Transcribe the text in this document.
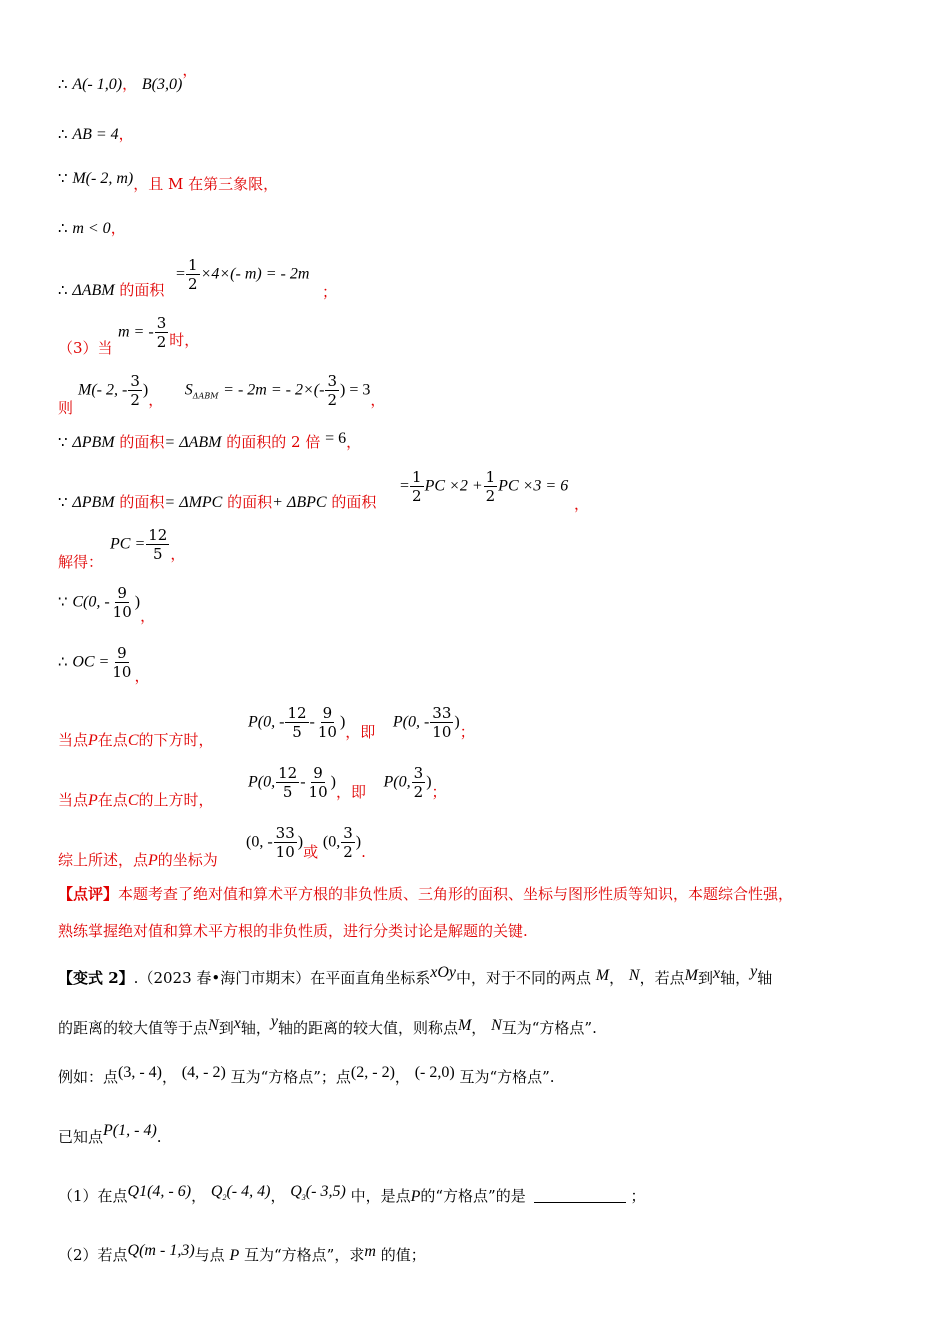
∴ A(- 1,0)， B(3,0)，
∴ AB = 4，
∵ M(- 2, m)，且 M 在第三象限，
∴ m < 0，
∴ ΔABM 的面积
= $\frac{1}{2} \times 4\times(-$ m) = - 2m
；
（3）当
m = - $\frac{3}{2}$ 时，
则
M(- 2, - $\frac{3}{2}$ )，  $S_{\Delta ABM}$ = - 2m = - $2\times(- \frac{3}{2}$ ) = 3，
∵ ΔPBM 的面积= ΔABM 的面积的 2 倍 = 6，
∵ ΔPBM 的面积= ΔMPC 的面积+ ΔBPC 的面积
= $\frac{1}{2}$ PC $\times 2 + \frac{1}{2}$ PC ×3 = 6
，
解得：
PC = $\frac{12}{5}$ ，
∵ C(0, - $\frac{9}{10}$ )，
∴ OC = $\frac{9}{10}$ ，
当点P在点C的下方时，
P(0, - $\frac{12}{5} - \frac{9}{10}$ )，即  P(0, - $\frac{33}{10}$ )；
当点P在点C的上方时，
P(0, $\frac{12}{5} - \frac{9}{10}$ )，即  P(0, $\frac{3}{2}$ )；
综上所述，点P的坐标为
(0, - $\frac{33}{10}$ )或 (0, $\frac{3}{2}$ ).
【点评】本题考查了绝对值和算术平方根的非负性质、三角形的面积、坐标与图形性质等知识，本题综合性强，
熟练掌握绝对值和算术平方根的非负性质，进行分类讨论是解题的关键.
【变式 2】.（2023 春•海门市期末）在平面直角坐标系xOy中，对于不同的两点 M， N，若点M到x轴，y轴
的距离的较大值等于点N到x轴，y轴的距离的较大值，则称点M， N互为“方格点”.
例如：点(3, - 4)， (4, - 2) 互为“方格点”；点(2, - 2)， (- 2,0) 互为“方格点”.
已知点P(1, - 4).
（1）在点Q1(4, - 6)， $Q_2(-$ 4, 4)， $Q_3(-$ 3,5) 中，是点P的“方格点”的是	；
（2）若点Q(m - 1,3)与点 P 互为“方格点”，求m 的值；
